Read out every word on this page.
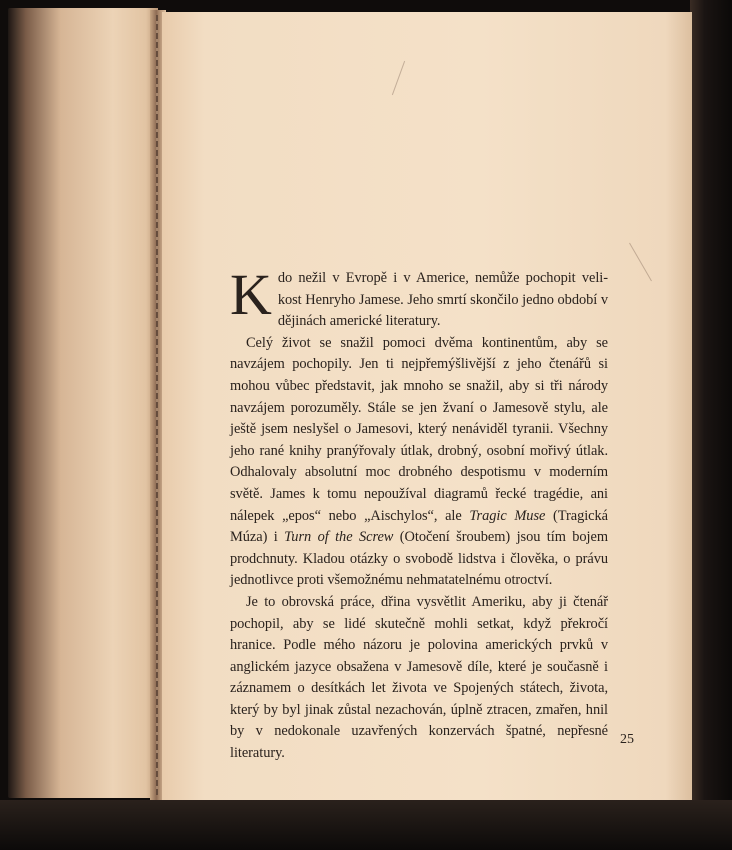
Kdo nežil v Evropě i v Americe, nemůže pochopit veli- kost Henryho Jamese. Jeho smrtí skončilo jedno období v dějinách americké literatury.

Celý život se snažil pomoci dvěma kontinentům, aby se navzájem pochopily. Jen ti nejpřemýšlivější z jeho čtenářů si mohou vůbec představit, jak mnoho se snažil, aby si tři národy navzájem porozuměly. Stále se jen žvaní o Jamesově stylu, ale ještě jsem neslyšel o Jamesovi, který nenáviděl tyranii. Všechny jeho rané knihy pranýřovaly útlak, drobný, osobní mořivý útlak. Odhalovaly absolutní moc drobného despotismu v moderním světě. James k tomu nepoužíval diagramů řecké tragédie, ani nálepek „epos“ nebo „Aischylos“, ale Tragic Muse (Tragická Múza) i Turn of the Screw (Otočení šroubem) jsou tím bojem prodchnuty. Kladou otázky o svobodě lidstva i člověka, o právu jednotlivce proti všemožnému nehmatatelnému otroctví.

Je to obrovská práce, dřina vysvětlit Ameriku, aby ji čtenář pochopil, aby se lidé skutečně mohli setkat, když překročí hranice. Podle mého názoru je polovina amerických prvků v anglickém jazyce obsažena v Jamesově díle, které je současně i záznamem o desítkách let života ve Spojených státech, života, který by byl jinak zůstal nezachován, úplně ztracen, zmařen, hnil by v nedokonale uzavřených konzervách špatné, nepřesné literatury.

25
